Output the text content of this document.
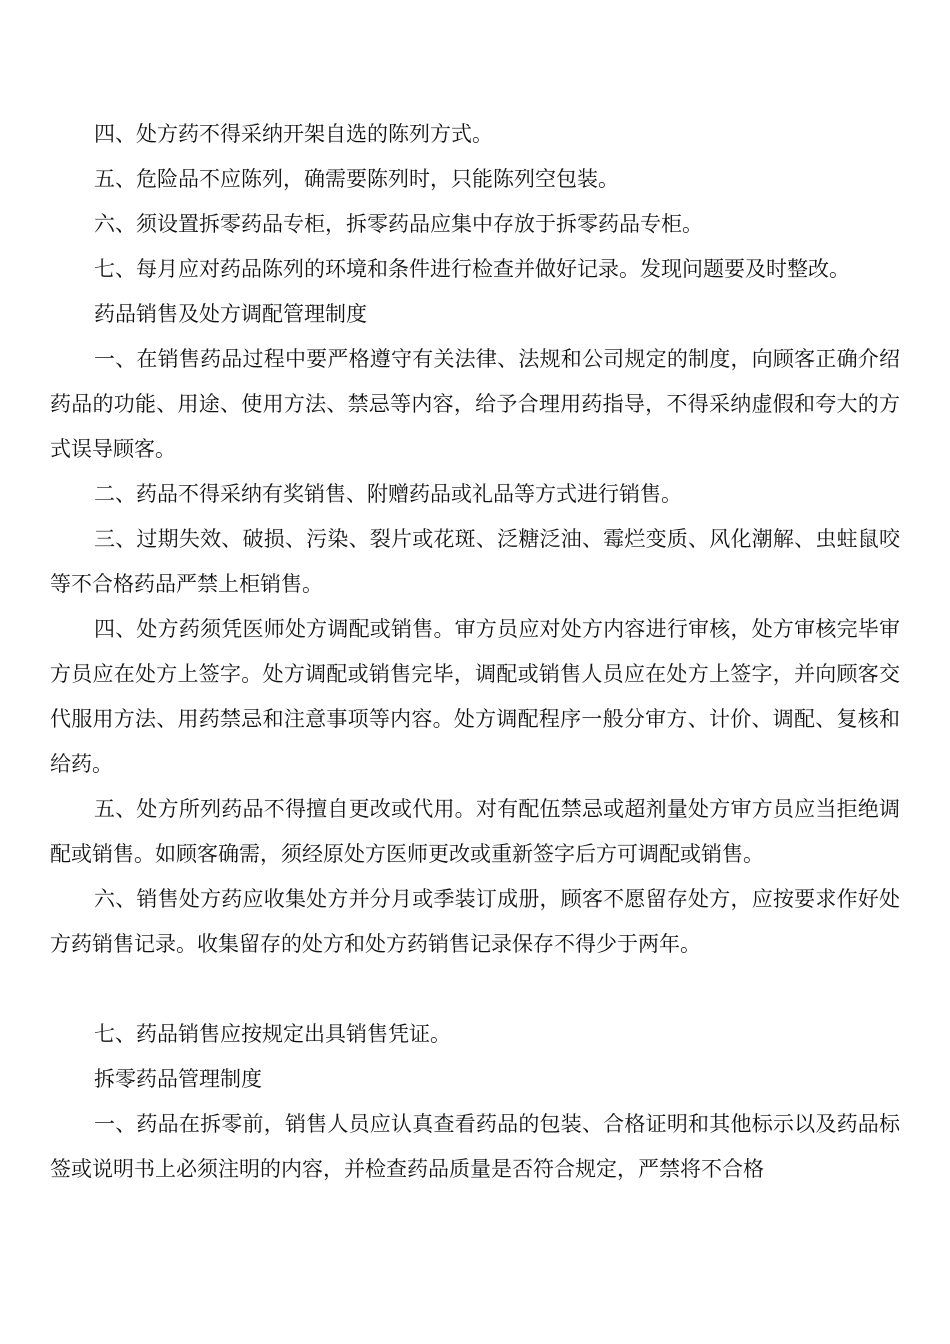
四、处方药不得采纳开架自选的陈列方式。

五、危险品不应陈列，确需要陈列时，只能陈列空包装。

六、须设置拆零药品专柜，拆零药品应集中存放于拆零药品专柜。

七、每月应对药品陈列的环境和条件进行检查并做好记录。发现问题要及时整改。

药品销售及处方调配管理制度

一、在销售药品过程中要严格遵守有关法律、法规和公司规定的制度，向顾客正确介绍药品的功能、用途、使用方法、禁忌等内容，给予合理用药指导，不得采纳虚假和夸大的方式误导顾客。

二、药品不得采纳有奖销售、附赠药品或礼品等方式进行销售。

三、过期失效、破损、污染、裂片或花斑、泛糖泛油、霉烂变质、风化潮解、虫蛀鼠咬等不合格药品严禁上柜销售。

四、处方药须凭医师处方调配或销售。审方员应对处方内容进行审核，处方审核完毕审方员应在处方上签字。处方调配或销售完毕，调配或销售人员应在处方上签字，并向顾客交代服用方法、用药禁忌和注意事项等内容。处方调配程序一般分审方、计价、调配、复核和给药。

五、处方所列药品不得擅自更改或代用。对有配伍禁忌或超剂量处方审方员应当拒绝调配或销售。如顾客确需，须经原处方医师更改或重新签字后方可调配或销售。

六、销售处方药应收集处方并分月或季装订成册，顾客不愿留存处方，应按要求作好处方药销售记录。收集留存的处方和处方药销售记录保存不得少于两年。

七、药品销售应按规定出具销售凭证。

拆零药品管理制度

一、药品在拆零前，销售人员应认真查看药品的包装、合格证明和其他标示以及药品标签或说明书上必须注明的内容，并检查药品质量是否符合规定，严禁将不合格
